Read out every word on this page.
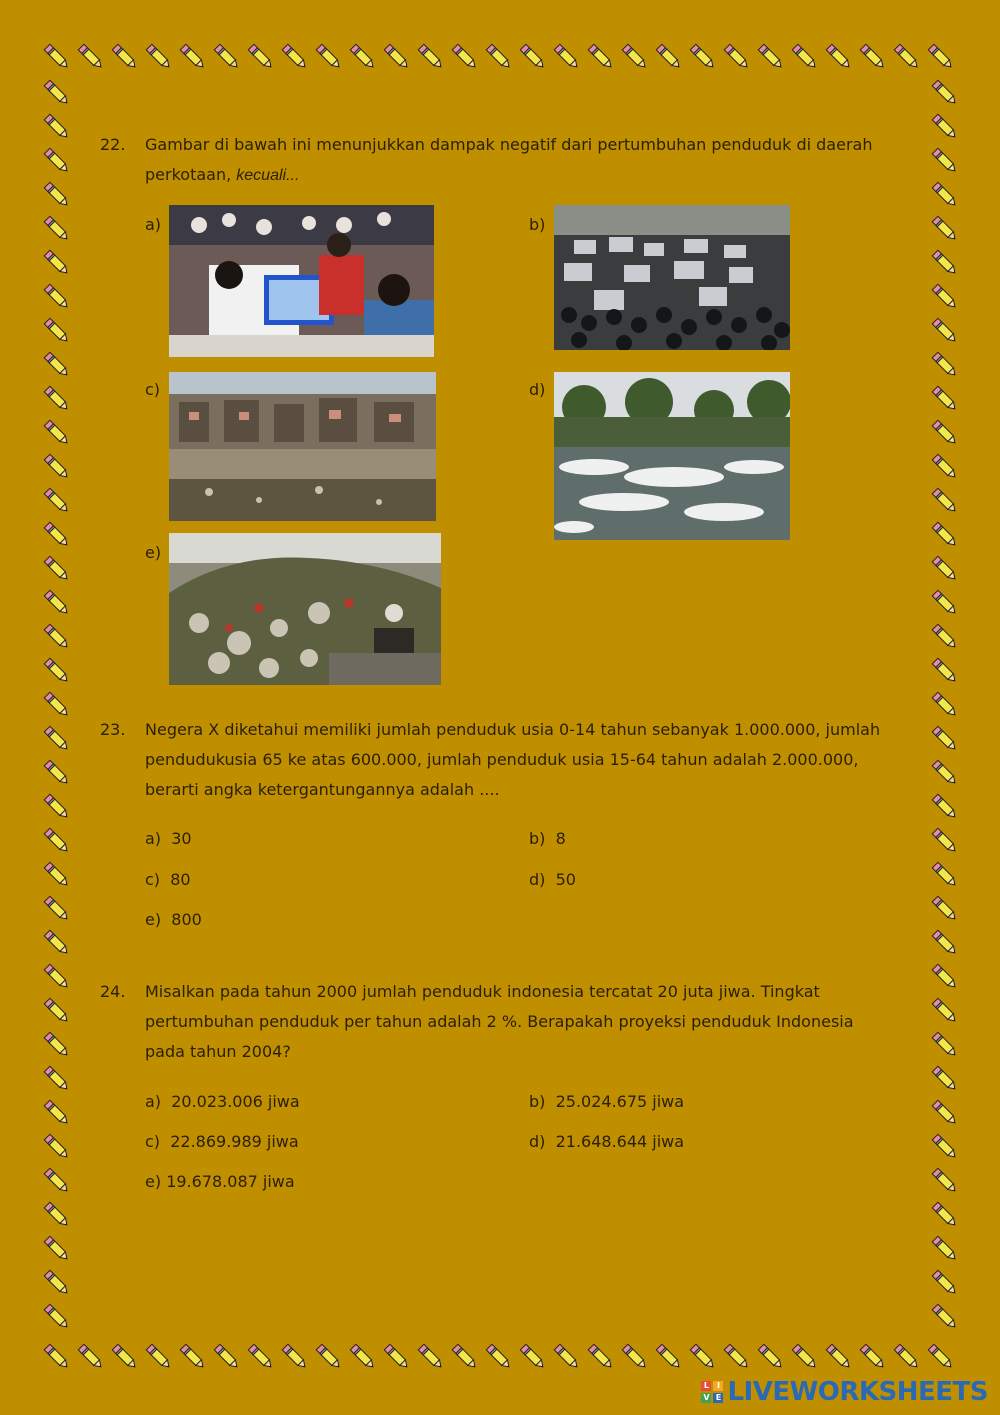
22. Gambar di bawah ini menunjukkan dampak negatif dari pertumbuhan penduduk di daerah perkotaan, kecuali...
a)	b)
c)	d)
e)
23. Negera X diketahui memiliki jumlah penduduk usia 0-14 tahun sebanyak 1.000.000, jumlah pendudukusia 65 ke atas 600.000, jumlah penduduk usia 15-64 tahun adalah 2.000.000, berarti angka ketergantungannya adalah ....
a) 30	b) 8
c) 80	d) 50
e) 800
24. Misalkan pada tahun 2000 jumlah penduduk indonesia tercatat 20 juta jiwa. Tingkat pertumbuhan penduduk per tahun adalah 2 %. Berapakah proyeksi penduduk Indonesia pada tahun 2004?
a) 20.023.006 jiwa	b) 25.024.675 jiwa
c) 22.869.989 jiwa	d) 21.648.644 jiwa
e) 19.678.087 jiwa
L I
V E LIVEWORKSHEETS
